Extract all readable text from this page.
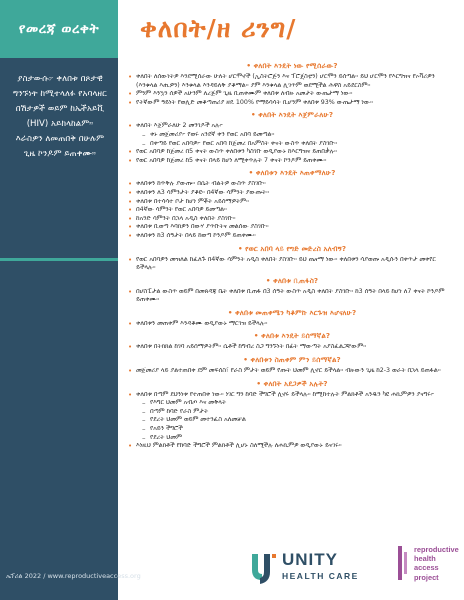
የመረጃ ወረቀት ቀለበት/ዘ ሪንግ/

ያስታውሱ፦ ቀለበቱ በጾታዊ ግንኙነት ከሚተላለፉ የአባላዘር በሽታዎች ወይም ከኤችአይቪ (HIV) አይከላከልም። እራስዎን ለመጠበቅ በሁሉም ጊዜ ኮንዶም ይጠቀሙ።

• ቀለበት እንዴት ነው የሚሰራው?
• ቀለበት ለሰውነትዎ እንደሚሰራው ሁለት ሆርሞኖች (ኢስትሮጅን እና ፕሮጄስቲን) ሆርሞን ይሰጣል። ይህ ሆርሞን የእርግዝና የኦቫሪዎን (እንቁላል እጢዎን) እንቁላል እንዳይለቅ ያቆማል። ያም እንቁላል ሊገጥም ወደሚችል ሕዋስ አይደርስም።
• ምንም እንኳን ሰዎች አሁንም ለረጅም ጊዜ ቢጠቀሙም ቀለበቱ ለብዙ አመታት ውጤታማ ነው።
• የትኛውም ዓይነት የወሊድ መቆጣጠሪያ ዘዴ 100% የማይሳሳት ቢሆንም ቀለበቱ 93% ውጤታማ ነው።
• ቀለበት እንዴት እጀምራለሁ?
• ቀለበት እጀምራለሁ 2 መንገዶች አሉ፦
– ቀኑ መጀመሪያ፦ የወሩ አንደኛ ቀን የወር አበባ ይመጣል።
– በቀጣይ የወር አበባዎ፦ የወር አበባ ከጀመረ በአምስት ቀናት ውስጥ ቀለበት ያስገቡ።
• የወር አበባዎ ከጀመረ በ5 ቀናት ውስጥ ቀለበቱን ካስገቡ ወዲያውኑ ከእርግዝና ይጠበቃሉ።
• የወር አበባዎ ከጀመረ ከ5 ቀናት በላይ ከሆነ ለሚቀጥሉት 7 ቀናት ኮንዶም ይጠቀሙ።
• ቀለበቱን እንዴት እጠቀማለሁ?
• ቀለበቱን ከጥቅሉ ያውጡ። በሴት ብልትዎ ውስጥ ያስገቡ።
• ቀለበቱን ለ3 ሳምንታት ያቆዩ። በ4ኛው ሳምንት ያውጡት።
• ቀለበቱ በተሳሳተ ቦታ ከሆነ ምቾት አይሰማዎትም።
• በ4ኛው ሳምንት የወር አበባዎ ይመጣል።
• ከአንድ ሳምንት በኋላ አዲስ ቀለበት ያስገቡ።
• ቀለበቱ ቢወጣ እባክዎን በውሃ ያጥቡትና መልሰው ያስገቡ።
• ቀለበቱን ከ3 ሰዓታት በላይ ከወጣ ኮንዶም ይጠቀሙ።
• የወር አበባ ላይ የግድ መድረስ አለብኝ?
• የወር አበባዎን መዝለል ከፈለጉ በ4ኛው ሳምንት አዲስ ቀለበት ያስገቡ። ይህ ጤናማ ነው። ቀለበቱን ሳያወጡ አዲሱን በቀጥታ መቀየር ይችላሉ።
• ቀለበቱ ቢጠፋስ?
• በሆስፒታል ውስጥ ወይም በመጸዳጃ ቤት ቀለበቱ ቢጠፋ በ3 ሰዓት ውስጥ አዲስ ቀለበት ያስገቡ። ከ3 ሰዓት በላይ ከሆነ ለ7 ቀናት ኮንዶም ይጠቀሙ።
• ቀለበቱ መጠቀሜን ካቆምኩ እርጉዝ እሆናለሁ?
• ቀለበቱን መጠቀም እንዳቆሙ ወዲያውኑ ማርገዝ ይችላሉ።
• ቀለበቱ እንዴት ይሰማኛል?
• ቀለበቱ በትክክል ከገባ አይሰማዎትም። ሴቶች ከግብረ ስጋ ግንኙነት በፊት ማውጣት አያስፈልጋቸውም።
• ቀለበቱን ስጠቀም ምን ይሰማኛል?
• መጀመሪያ ላይ ያልተጠበቀ ደም መፍሰስ፣ የራስ ምታት ወይም የጡት ህመም ሊኖር ይችላል። ብዙውን ጊዜ ከ2-3 ወራት በኋላ ይጠፋል።
• ቀለበት አደጋዎች አሉት?
• ቀለበቱ በጣም ደህንነቱ የተጠበቀ ነው። ነገር ግን ከባድ ችግሮች ሊኖሩ ይችላሉ። ከሚከተሉት ምልክቶች አንዱን ካዩ ሐኪምዎን ያናግሩ፦
– የእግር ህመም አብጦ እና መቅላት
– በጣም ከባድ የራስ ምታት
– የደረት ህመም ወይም መተንፈስ አለመቻል
– የአይን ችግሮች
– የደረት ህመም
• እነዚህ ምልክቶች የከባድ ችግሮች ምልክቶች ሊሆኑ ስለሚችሉ ለሐኪምዎ ወዲያውኑ ይናገሩ።
UNITY
HEALTH CARE
reproductive
health
access
project
ኤፕሪል 2022 / www.reproductiveaccess.org
